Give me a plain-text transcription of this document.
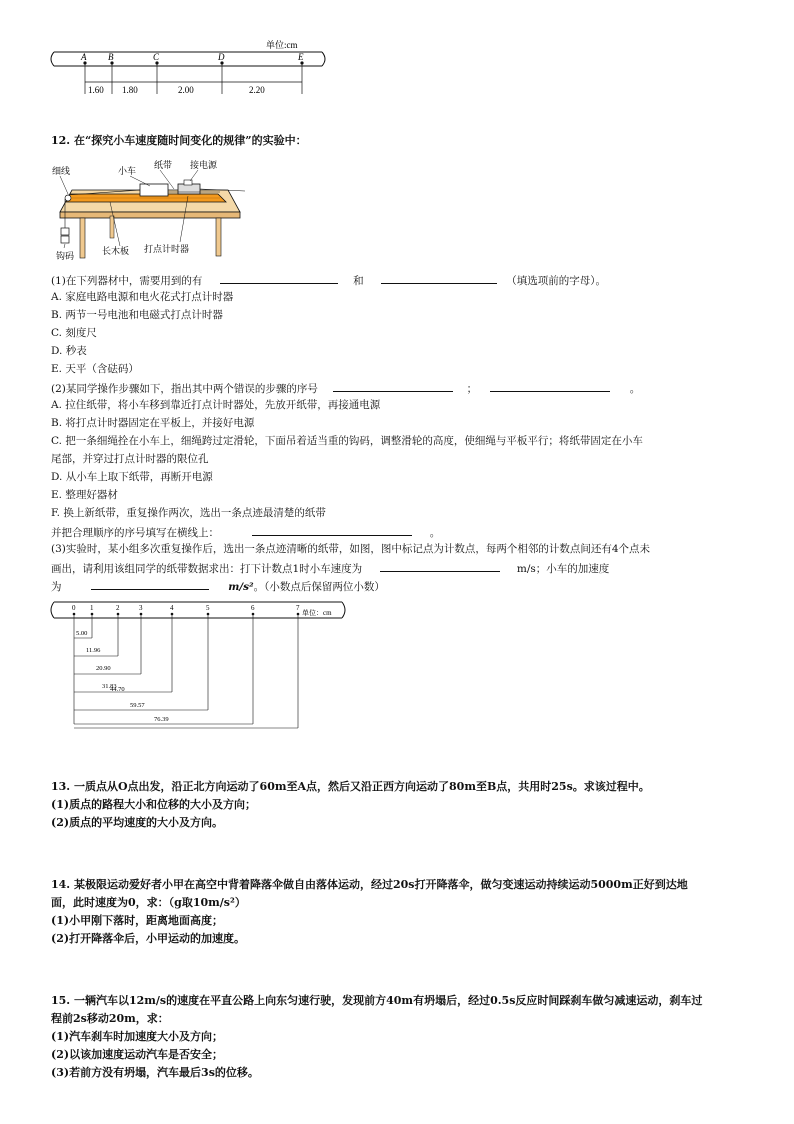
单位:cm
A B	C	D	E
1.60 1.80	2.00	2.20
12. 在“探究小车速度随时间变化的规律”的实验中：
细线	小车
纸带 接电源
长木板 打点计时器
钩码
(1)在下列器材中，需要用到的有	和	（填选项前的字母）。
A. 家庭电路电源和电火花式打点计时器
B. 两节一号电池和电磁式打点计时器
C. 刻度尺
D. 秒表
E. 天平（含砝码）
(2)某同学操作步骤如下，指出其中两个错误的步骤的序号	；	。
A. 拉住纸带，将小车移到靠近打点计时器处，先放开纸带，再接通电源
B. 将打点计时器固定在平板上，并接好电源
C. 把一条细绳拴在小车上，细绳跨过定滑轮，下面吊着适当重的钩码，调整滑轮的高度，使细绳与平板平行；将纸带固定在小车
尾部，并穿过打点计时器的限位孔
D. 从小车上取下纸带，再断开电源
E. 整理好器材
F. 换上新纸带，重复操作两次，选出一条点迹最清楚的纸带
并把合理顺序的序号填写在横线上：	。
(3)实验时，某小组多次重复操作后，选出一条点迹清晰的纸带，如图，图中标记点为计数点，每两个相邻的计数点间还有4个点未
画出，请利用该组同学的纸带数据求出：打下计数点1时小车速度为	m/s；小车的加速度
为	m/s²。（小数点后保留两位小数）
单位：cm
0 1	2	3	4	5	6	7
5.00
11.96
20.90
31.83
44.70
59.57
76.39
13. 一质点从O点出发，沿正北方向运动了60m至A点，然后又沿正西方向运动了80m至B点，共用时25s。求该过程中。
(1)质点的路程大小和位移的大小及方向；
(2)质点的平均速度的大小及方向。
14. 某极限运动爱好者小甲在高空中背着降落伞做自由落体运动，经过20s打开降落伞，做匀变速运动持续运动5000m正好到达地
面，此时速度为0，求：（g取10m/s²）
(1)小甲刚下落时，距离地面高度；
(2)打开降落伞后，小甲运动的加速度。
15. 一辆汽车以12m/s的速度在平直公路上向东匀速行驶，发现前方40m有坍塌后，经过0.5s反应时间踩刹车做匀减速运动，刹车过
程前2s移动20m，求：
(1)汽车刹车时加速度大小及方向；
(2)以该加速度运动汽车是否安全；
(3)若前方没有坍塌，汽车最后3s的位移。
